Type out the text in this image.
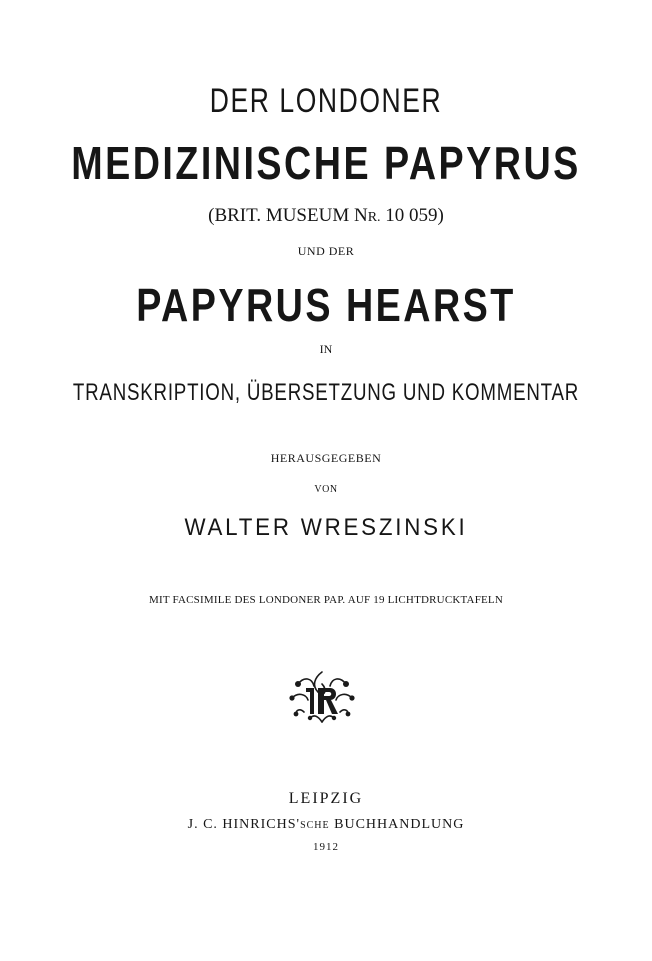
DER LONDONER
MEDIZINISCHE PAPYRUS
(BRIT. MUSEUM NR. 10 059)
UND DER
PAPYRUS HEARST
IN
TRANSKRIPTION, ÜBERSETZUNG UND KOMMENTAR
HERAUSGEGEBEN
VON
WALTER WRESZINSKI
MIT FACSIMILE DES LONDONER PAP. AUF 19 LICHTDRUCKTAFELN
LEIPZIG
J. C. HINRICHS'SCHE BUCHHANDLUNG
1912
